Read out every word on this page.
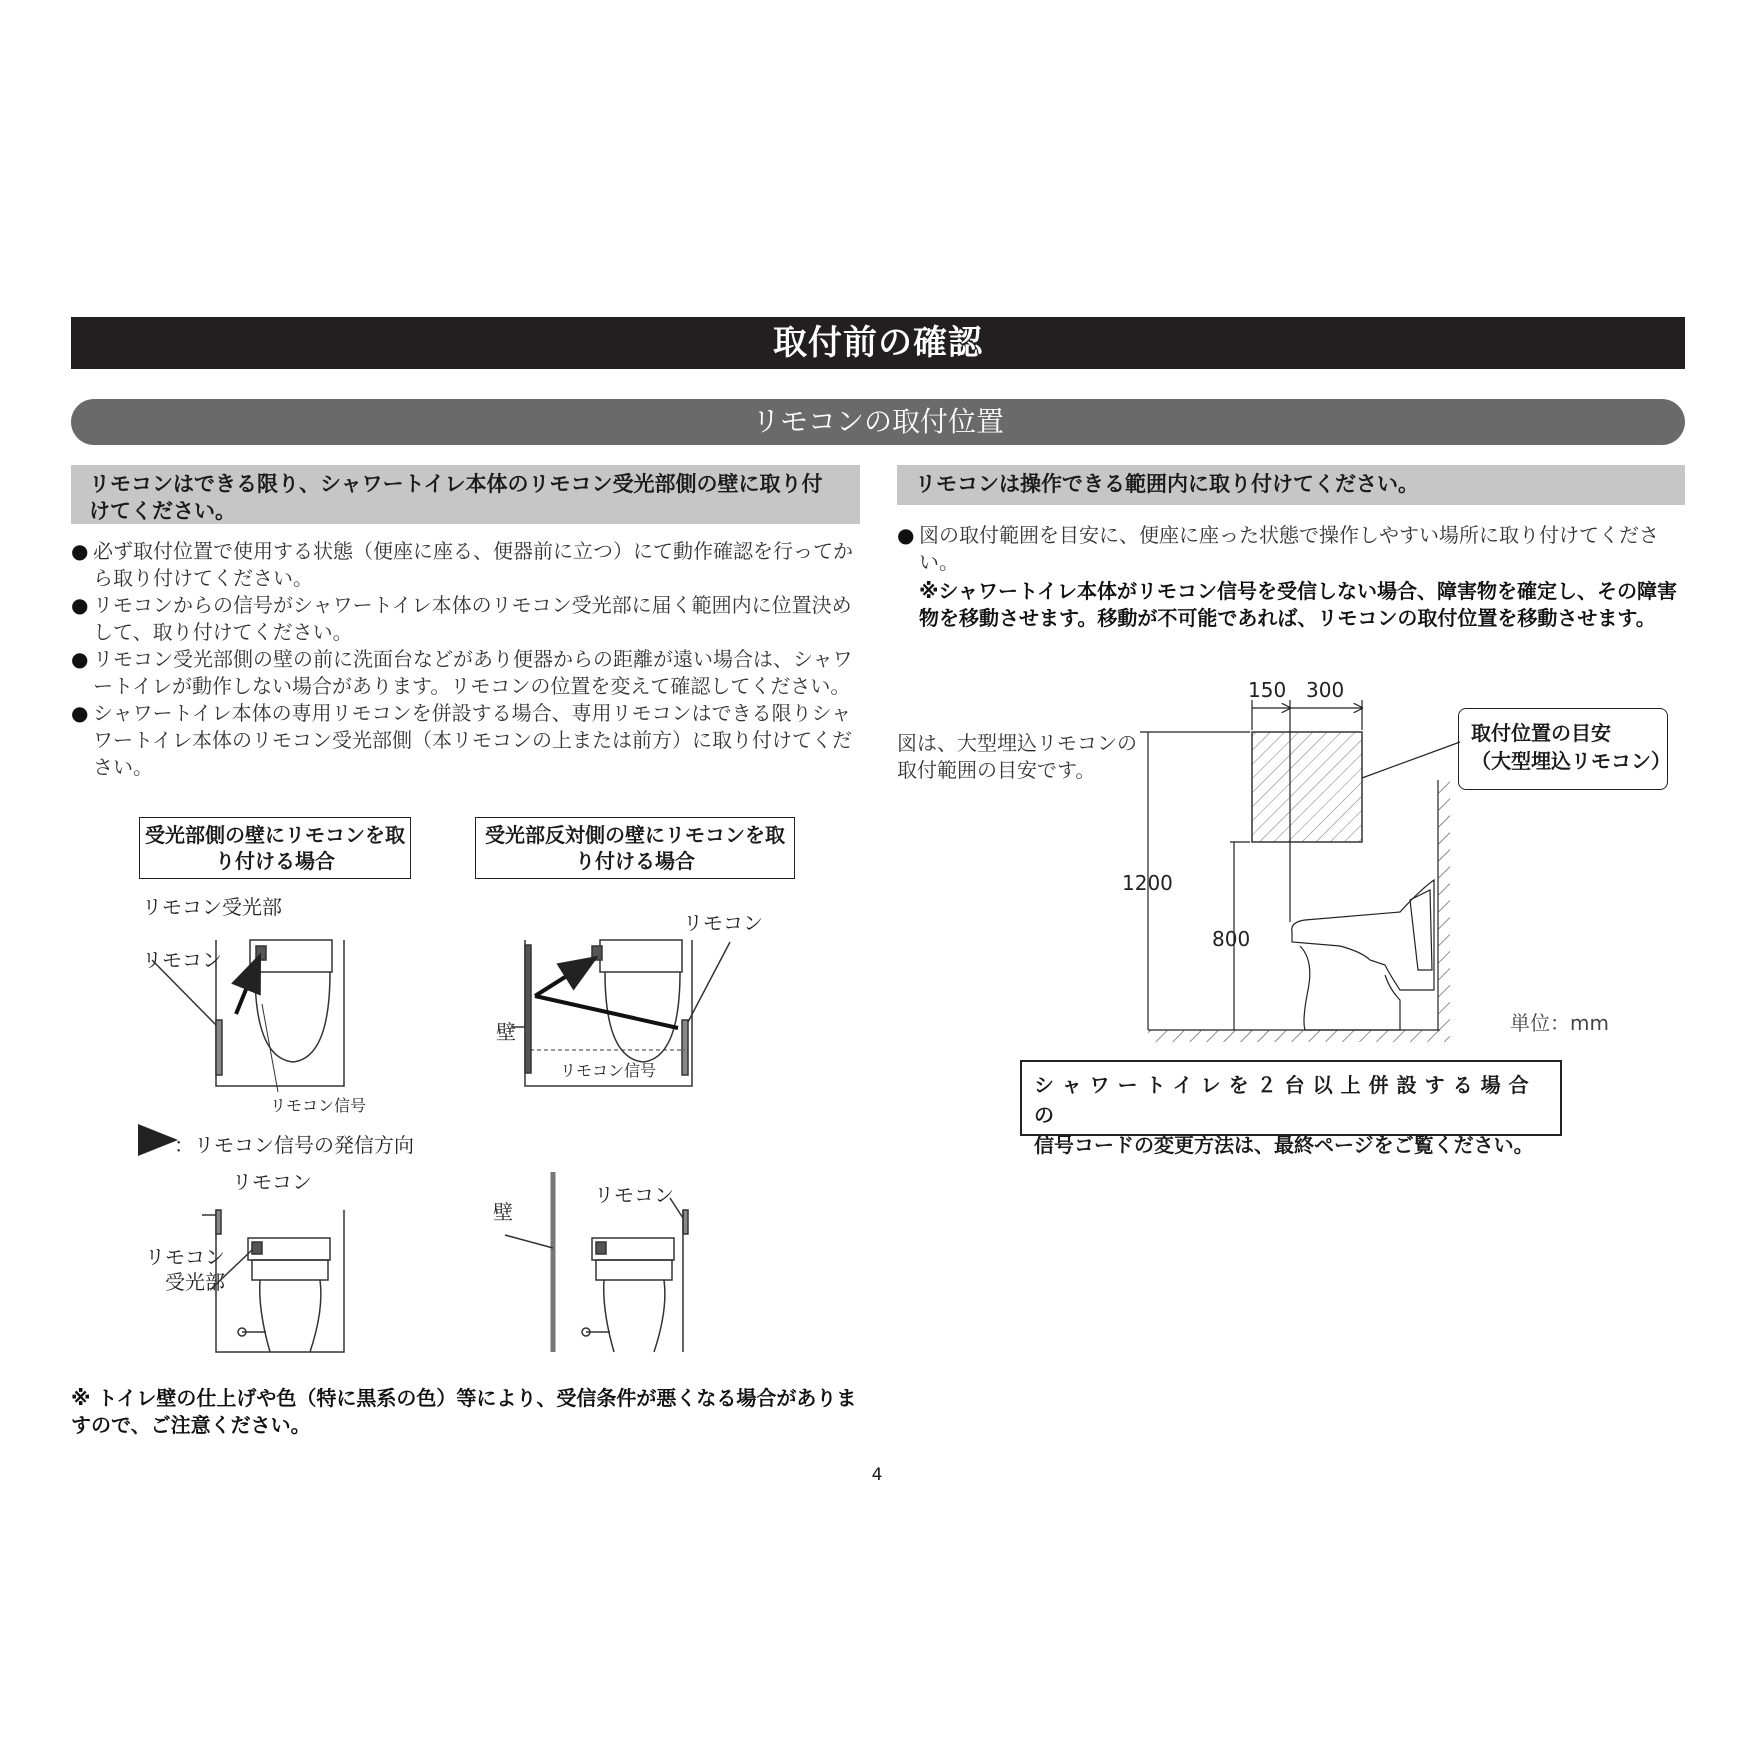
取付前の確認
リモコンの取付位置
リモコンはできる限り、シャワートイレ本体のリモコン受光部側の壁に取り付けてください。

● 必ず取付位置で使用する状態（便座に座る、便器前に立つ）にて動作確認を行ってから取り付けてください。

● リモコンからの信号がシャワートイレ本体のリモコン受光部に届く範囲内に位置決めして、取り付けてください。

● リモコン受光部側の壁の前に洗面台などがあり便器からの距離が遠い場合は、シャワートイレが動作しない場合があります。リモコンの位置を変えて確認してください。

● シャワートイレ本体の専用リモコンを併設する場合、専用リモコンはできる限りシャワートイレ本体のリモコン受光部側（本リモコンの上または前方）に取り付けてください。

受光部側の壁にリモコンを取り付ける場合
受光部反対側の壁にリモコンを取り付ける場合
リモコン受光部
リモコン
リモコン信号
リモコン
壁
リモコン信号
：リモコン信号の発信方向
リモコン
リモコン
受光部
壁
リモコン
※ トイレ壁の仕上げや色（特に黒系の色）等により、受信条件が悪くなる場合がありますので、ご注意ください。
リモコンは操作できる範囲内に取り付けてください。

● 図の取付範囲を目安に、便座に座った状態で操作しやすい場所に取り付けてください。

※シャワートイレ本体がリモコン信号を受信しない場合、障害物を確定し、その障害物を移動させます。移動が不可能であれば、リモコンの取付位置を移動させます。

図は、大型埋込リモコンの取付範囲の目安です。
150 300
1200
800
取付位置の目安
（大型埋込リモコン）
単位：mm
シャワートイレを２台以上併設する場合の
信号コードの変更方法は、最終ページをご覧ください。
4
